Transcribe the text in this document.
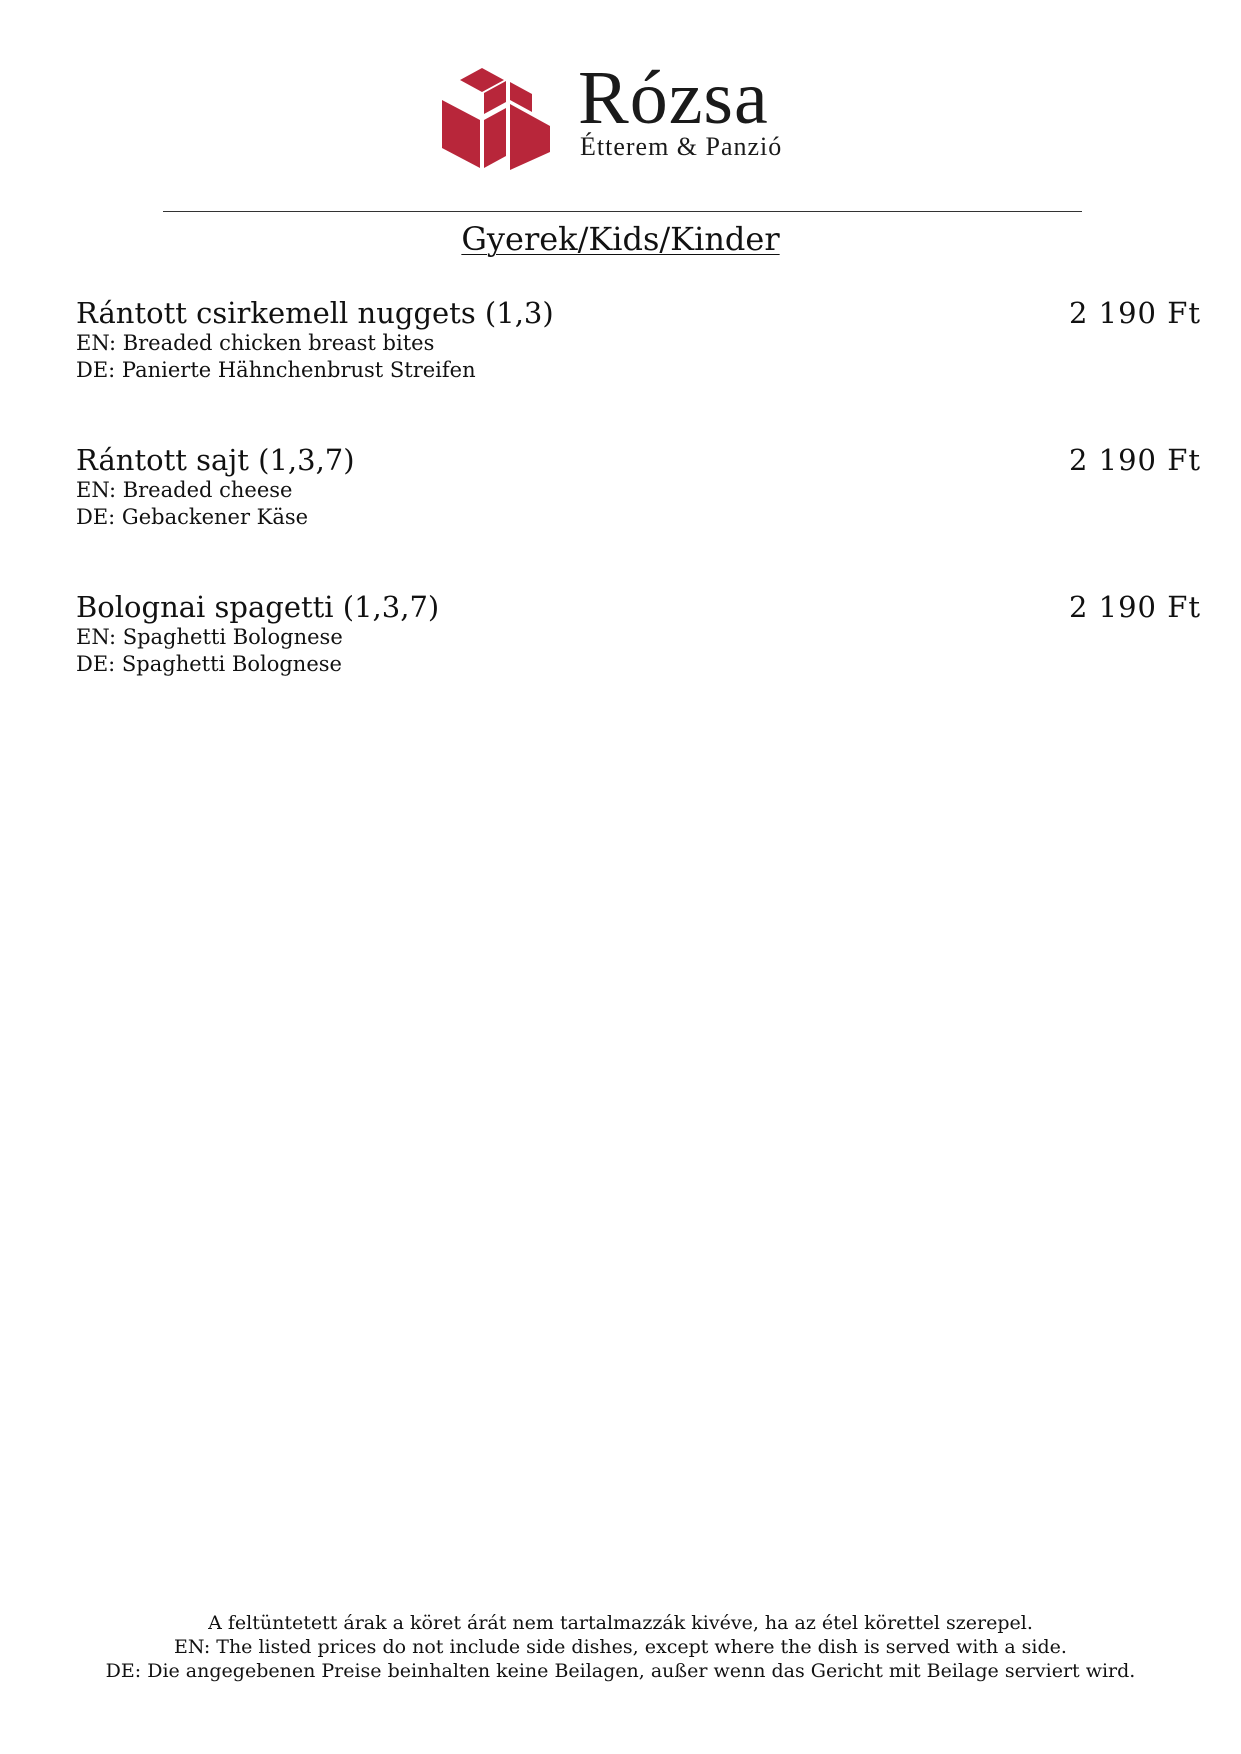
Rózsa
Étterem & Panzió
Gyerek/Kids/Kinder
Rántott csirkemell nuggets (1,3)	2 190 Ft
EN: Breaded chicken breast bites
DE: Panierte Hähnchenbrust Streifen
Rántott sajt (1,3,7)	2 190 Ft
EN: Breaded cheese
DE: Gebackener Käse
Bolognai spagetti (1,3,7)	2 190 Ft
EN: Spaghetti Bolognese
DE: Spaghetti Bolognese
A feltüntetett árak a köret árát nem tartalmazzák kivéve, ha az étel körettel szerepel.
EN: The listed prices do not include side dishes, except where the dish is served with a side.
DE: Die angegebenen Preise beinhalten keine Beilagen, außer wenn das Gericht mit Beilage serviert wird.
